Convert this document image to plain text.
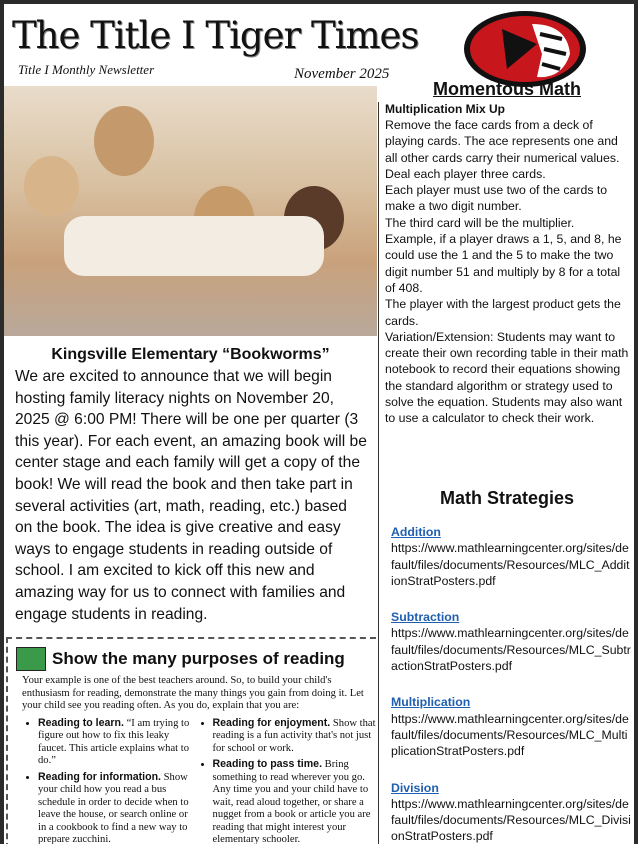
The Title I Tiger Times
Title I Monthly Newsletter	November 2025
Kingsville Elementary “Bookworms”
We are excited to announce that we will begin hosting family literacy nights on November 20, 2025 @ 6:00 PM! There will be one per quarter (3 this year). For each event, an amazing book will be center stage and each family will get a copy of the book! We will read the book and then take part in several activities (art, math, reading, etc.) based on the book. The idea is give creative and easy ways to engage students in reading outside of school. I am excited to kick off this new and amazing way for us to connect with families and engage students in reading.
Show the many purposes of reading

Your example is one of the best teachers around. So, to build your child's enthusiasm for reading, demonstrate the many things you gain from doing it. Let your child see you reading often. As you do, explain that you are:

• Reading to learn. “I am trying to figure out how to fix this leaky faucet. This article explains what to do.”
• Reading for information. Show your child how you read a bus schedule in order to decide when to leave the house, or search online or in a cookbook to find a new way to prepare zucchini.
• Reading for enjoyment. Show that reading is a fun activity that's not just for school or work.
• Reading to pass time. Bring something to read wherever you go. Any time you and your child have to wait, read aloud together, or share a nugget from a book or article you are reading that might interest your elementary schooler.
Momentous Math
Multiplication Mix Up
Remove the face cards from a deck of playing cards. The ace represents one and all other cards carry their numerical values.
Deal each player three cards.
Each player must use two of the cards to make a two digit number.
The third card will be the multiplier.
Example, if a player draws a 1, 5, and 8, he could use the 1 and the 5 to make the two digit number 51 and multiply by 8 for a total of 408.
The player with the largest product gets the cards.
Variation/Extension: Students may want to create their own recording table in their math notebook to record their equations showing the standard algorithm or strategy used to solve the equation. Students may also want to use a calculator to check their work.
Math Strategies
Addition
https://www.mathlearningcenter.org/sites/default/files/documents/Resources/MLC_AdditionStratPosters.pdf
Subtraction
https://www.mathlearningcenter.org/sites/default/files/documents/Resources/MLC_SubtractionStratPosters.pdf
Multiplication
https://www.mathlearningcenter.org/sites/default/files/documents/Resources/MLC_MultiplicationStratPosters.pdf
Division
https://www.mathlearningcenter.org/sites/default/files/documents/Resources/MLC_DivisionStratPosters.pdf
